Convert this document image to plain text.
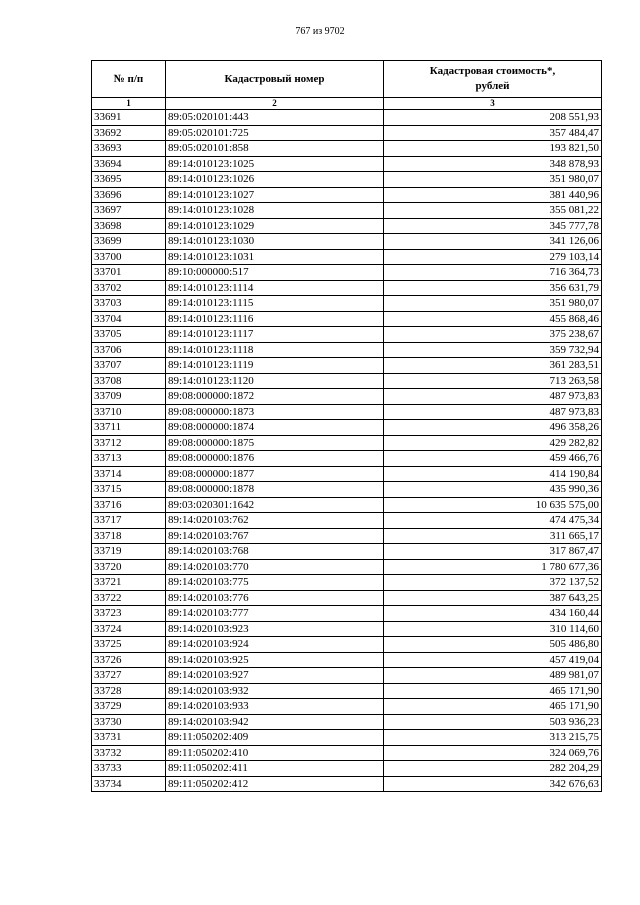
767 из 9702
№ п/п	Кадастровый номер	Кадастровая стоимость*,
рублей

1	2	3
33691	89:05:020101:443	208 551,93
33692	89:05:020101:725	357 484,47
33693	89:05:020101:858	193 821,50
33694	89:14:010123:1025	348 878,93
33695	89:14:010123:1026	351 980,07
33696	89:14:010123:1027	381 440,96
33697	89:14:010123:1028	355 081,22
33698	89:14:010123:1029	345 777,78
33699	89:14:010123:1030	341 126,06
33700	89:14:010123:1031	279 103,14
33701	89:10:000000:517	716 364,73
33702	89:14:010123:1114	356 631,79
33703	89:14:010123:1115	351 980,07
33704	89:14:010123:1116	455 868,46
33705	89:14:010123:1117	375 238,67
33706	89:14:010123:1118	359 732,94
33707	89:14:010123:1119	361 283,51
33708	89:14:010123:1120	713 263,58
33709	89:08:000000:1872	487 973,83
33710	89:08:000000:1873	487 973,83
33711	89:08:000000:1874	496 358,26
33712	89:08:000000:1875	429 282,82
33713	89:08:000000:1876	459 466,76
33714	89:08:000000:1877	414 190,84
33715	89:08:000000:1878	435 990,36
33716	89:03:020301:1642	10 635 575,00
33717	89:14:020103:762	474 475,34
33718	89:14:020103:767	311 665,17
33719	89:14:020103:768	317 867,47
33720	89:14:020103:770	1 780 677,36
33721	89:14:020103:775	372 137,52
33722	89:14:020103:776	387 643,25
33723	89:14:020103:777	434 160,44
33724	89:14:020103:923	310 114,60
33725	89:14:020103:924	505 486,80
33726	89:14:020103:925	457 419,04
33727	89:14:020103:927	489 981,07
33728	89:14:020103:932	465 171,90
33729	89:14:020103:933	465 171,90
33730	89:14:020103:942	503 936,23
33731	89:11:050202:409	313 215,75
33732	89:11:050202:410	324 069,76
33733	89:11:050202:411	282 204,29
33734	89:11:050202:412	342 676,63
